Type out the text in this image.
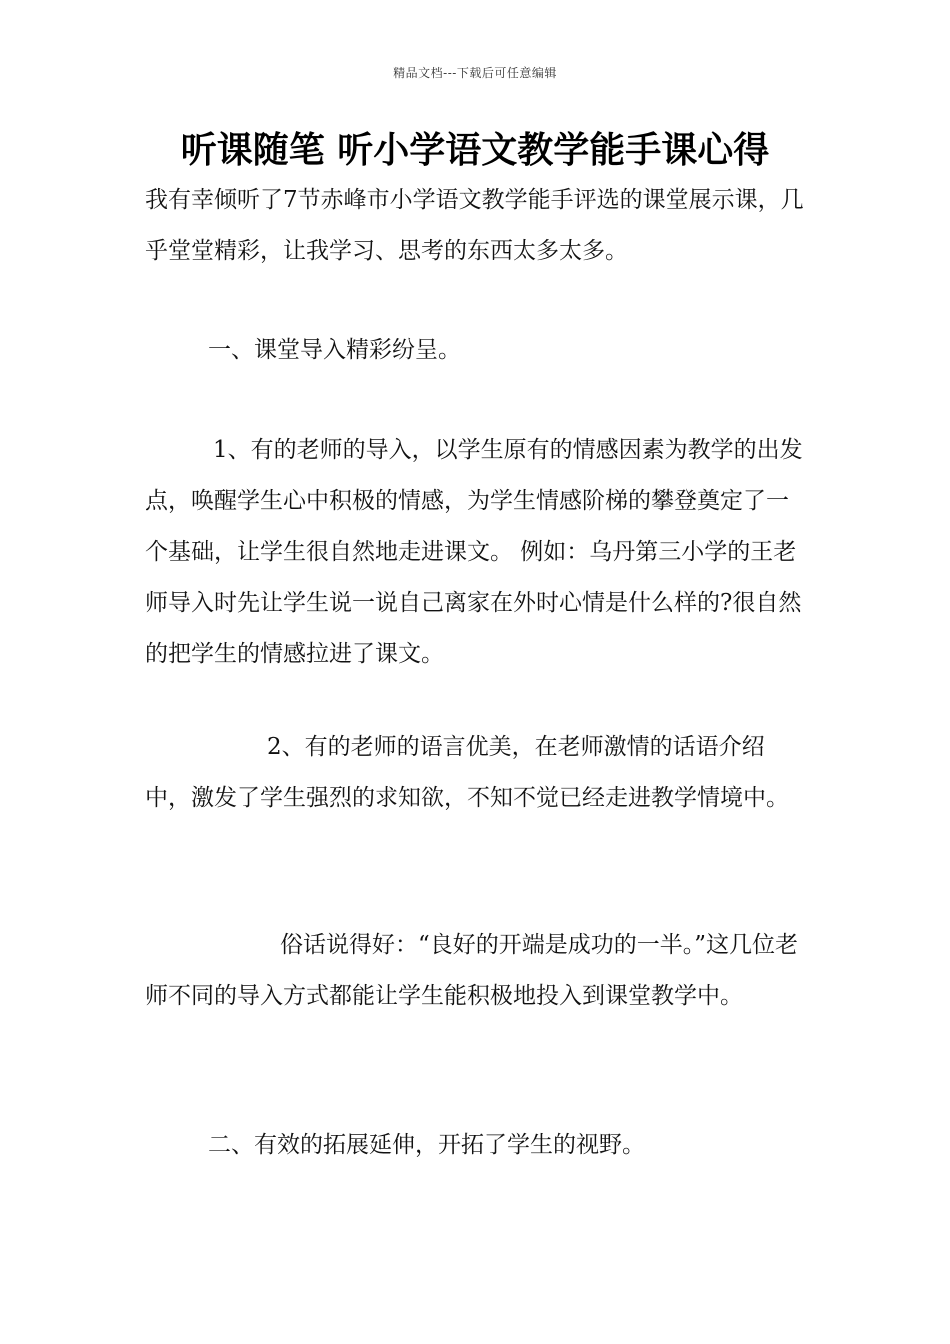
精品文档---下载后可任意编辑
听课随笔 听小学语文教学能手课心得

我有幸倾听了7节赤峰市小学语文教学能手评选的课堂展示课，几乎堂堂精彩，让我学习、思考的东西太多太多。

一、课堂导入精彩纷呈。

1、有的老师的导入，以学生原有的情感因素为教学的出发点，唤醒学生心中积极的情感，为学生情感阶梯的攀登奠定了一个基础，让学生很自然地走进课文。 例如：乌丹第三小学的王老师导入时先让学生说一说自己离家在外时心情是什么样的?很自然的把学生的情感拉进了课文。

2、有的老师的语言优美，在老师激情的话语介绍中，激发了学生强烈的求知欲，不知不觉已经走进教学情境中。

俗话说得好：“良好的开端是成功的一半。”这几位老师不同的导入方式都能让学生能积极地投入到课堂教学中。

二、有效的拓展延伸，开拓了学生的视野。
